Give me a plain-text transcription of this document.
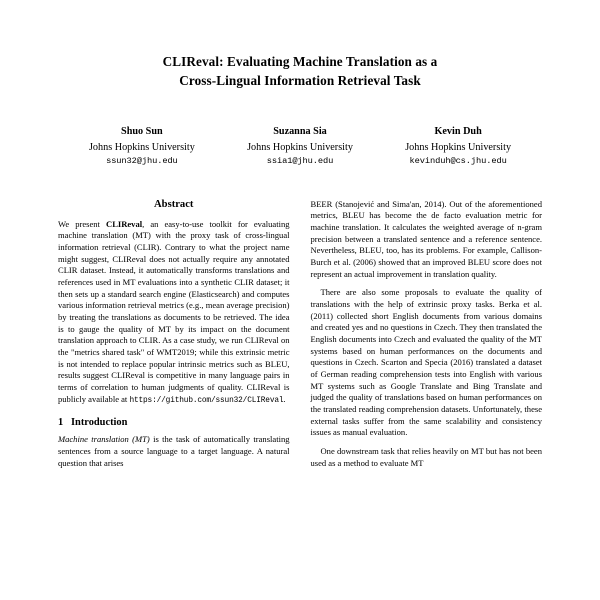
CLIReval: Evaluating Machine Translation as a
Cross-Lingual Information Retrieval Task
Shuo Sun
Johns Hopkins University
ssun32@jhu.edu
Suzanna Sia
Johns Hopkins University
ssia1@jhu.edu
Kevin Duh
Johns Hopkins University
kevinduh@cs.jhu.edu
Abstract

We present CLIReval, an easy-to-use toolkit for evaluating machine translation (MT) with the proxy task of cross-lingual information retrieval (CLIR). Contrary to what the project name might suggest, CLIReval does not actually require any annotated CLIR dataset. Instead, it automatically transforms translations and references used in MT evaluations into a synthetic CLIR dataset; it then sets up a standard search engine (Elasticsearch) and computes various information retrieval metrics (e.g., mean average precision) by treating the translations as documents to be retrieved. The idea is to gauge the quality of MT by its impact on the document translation approach to CLIR. As a case study, we run CLIReval on the "metrics shared task" of WMT2019; while this extrinsic metric is not intended to replace popular intrinsic metrics such as BLEU, results suggest CLIReval is competitive in many language pairs in terms of correlation to human judgments of quality. CLIReval is publicly available at https://github.com/ssun32/CLIReval.

1 Introduction

Machine translation (MT) is the task of automatically translating sentences from a source language to a target language. A natural question that arises

BEER (Stanojević and Sima'an, 2014). Out of the aforementioned metrics, BLEU has become the de facto evaluation metric for machine translation. It calculates the weighted average of n-gram precision between a translated sentence and a reference sentence. Nevertheless, BLEU, too, has its problems. For example, Callison-Burch et al. (2006) showed that an improved BLEU score does not represent an actual improvement in translation quality.

There are also some proposals to evaluate the quality of translations with the help of extrinsic proxy tasks. Berka et al. (2011) collected short English documents from various domains and created yes and no questions in Czech. They then translated the English documents into Czech and evaluated the quality of the MT systems based on human performances on the documents and questions in Czech. Scarton and Specia (2016) translated a dataset of German reading comprehension tests into English with various MT systems such as Google Translate and Bing Translate and judged the quality of translations based on human performances on the translated reading comprehension datasets. Unfortunately, these external tasks suffer from the same scalability and consistency issues as manual evaluation.

One downstream task that relies heavily on MT but has not been used as a method to evaluate MT
